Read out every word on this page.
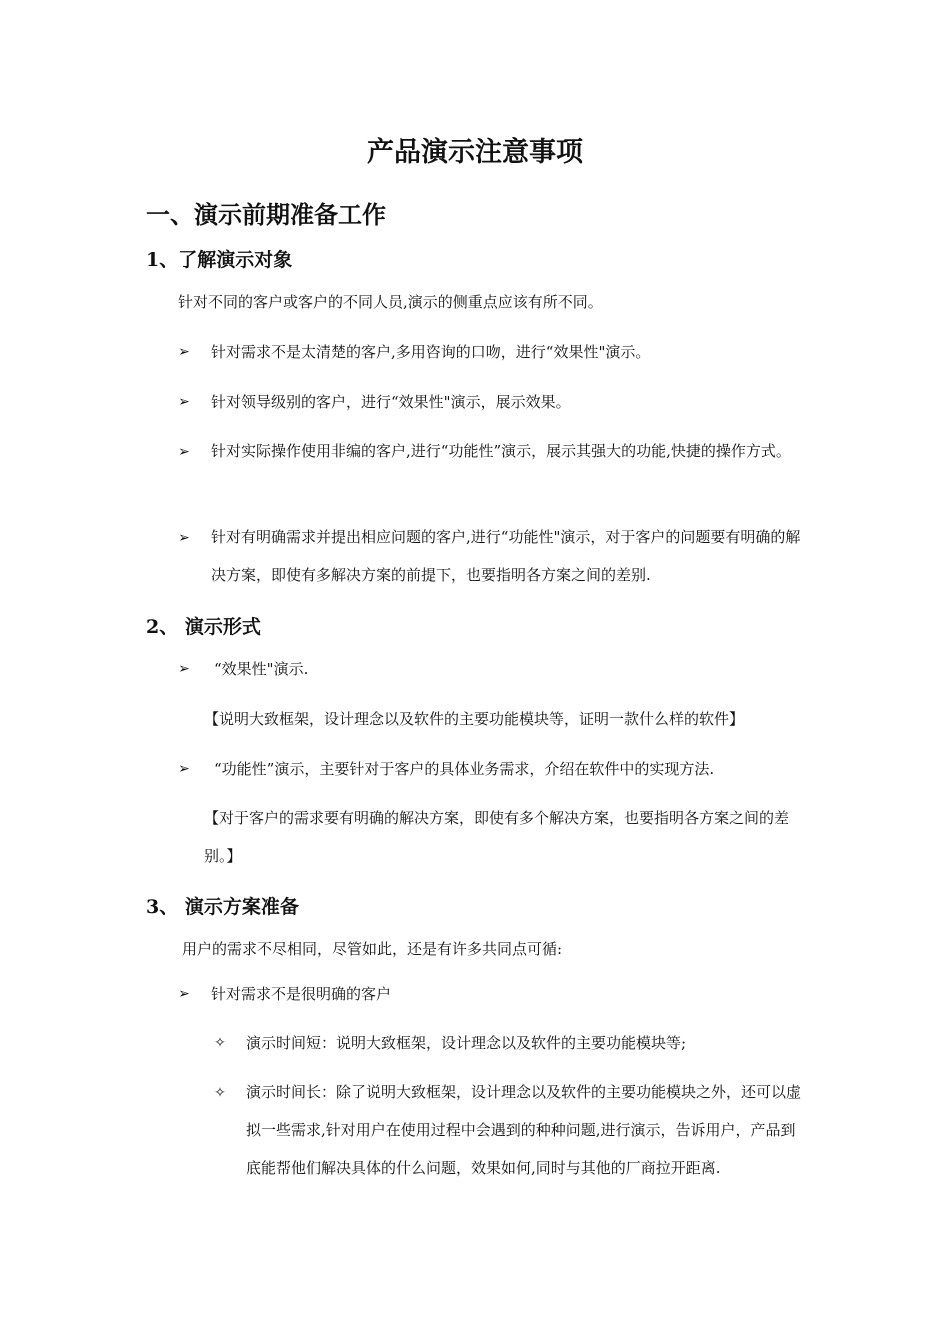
产品演示注意事项
一、演示前期准备工作
1、了解演示对象
针对不同的客户或客户的不同人员,演示的侧重点应该有所不同。
➢ 针对需求不是太清楚的客户,多用咨询的口吻，进行“效果性"演示。
➢ 针对领导级别的客户，进行“效果性"演示，展示效果。
➢ 针对实际操作使用非编的客户,进行“功能性”演示，展示其强大的功能,快捷的操作方式。
➢ 针对有明确需求并提出相应问题的客户,进行“功能性"演示，对于客户的问题要有明确的解决方案，即使有多解决方案的前提下，也要指明各方案之间的差别.
2、 演示形式
➢ “效果性"演示.
【说明大致框架，设计理念以及软件的主要功能模块等，证明一款什么样的软件】
➢ “功能性”演示，主要针对于客户的具体业务需求，介绍在软件中的实现方法.
【对于客户的需求要有明确的解决方案，即使有多个解决方案，也要指明各方案之间的差别。】
3、 演示方案准备
用户的需求不尽相同，尽管如此，还是有许多共同点可循:
➢ 针对需求不是很明确的客户
✧ 演示时间短：说明大致框架，设计理念以及软件的主要功能模块等;
✧ 演示时间长：除了说明大致框架，设计理念以及软件的主要功能模块之外，还可以虚拟一些需求,针对用户在使用过程中会遇到的种种问题,进行演示，告诉用户，产品到底能帮他们解决具体的什么问题，效果如何,同时与其他的厂商拉开距离.
